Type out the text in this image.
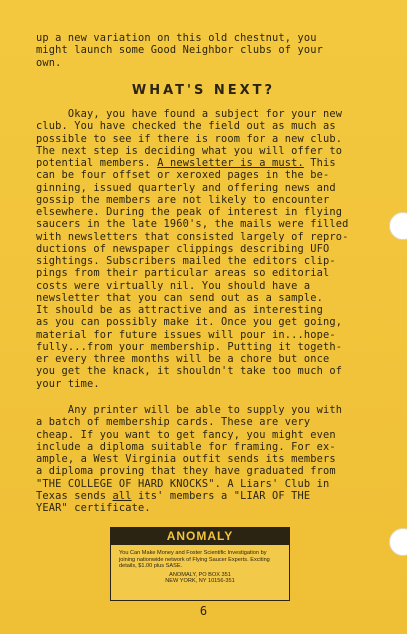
up a new variation on this old chestnut, you
might launch some Good Neighbor clubs of your
own.
WHAT'S NEXT?
Okay, you have found a subject for your new
club. You have checked the field out as much as
possible to see if there is room for a new club.
The next step is deciding what you will offer to
potential members. A newsletter is a must. This
can be four offset or xeroxed pages in the be-
ginning, issued quarterly and offering news and
gossip the members are not likely to encounter
elsewhere. During the peak of interest in flying
saucers in the late 1960's, the mails were filled
with newsletters that consisted largely of repro-
ductions of newspaper clippings describing UFO
sightings. Subscribers mailed the editors clip-
pings from their particular areas so editorial
costs were virtually nil. You should have a
newsletter that you can send out as a sample.
It should be as attractive and as interesting
as you can possibly make it. Once you get going,
material for future issues will pour in...hope-
fully...from your membership. Putting it togeth-
er every three months will be a chore but once
you get the knack, it shouldn't take too much of
your time.
Any printer will be able to supply you with
a batch of membership cards. These are very
cheap. If you want to get fancy, you might even
include a diploma suitable for framing. For ex-
ample, a West Virginia outfit sends its members
a diploma proving that they have graduated from
"THE COLLEGE OF HARD KNOCKS". A Liars' Club in
Texas sends all its' members a "LIAR OF THE
YEAR" certificate.
ANOMALY
You Can Make Money and Foster Scientific Investigation by joining nationwide network of Flying Saucer Experts. Exciting details, $1.00 plus SASE.
ANOMALY, PO BOX 351
NEW YORK, NY 10156-351
6
